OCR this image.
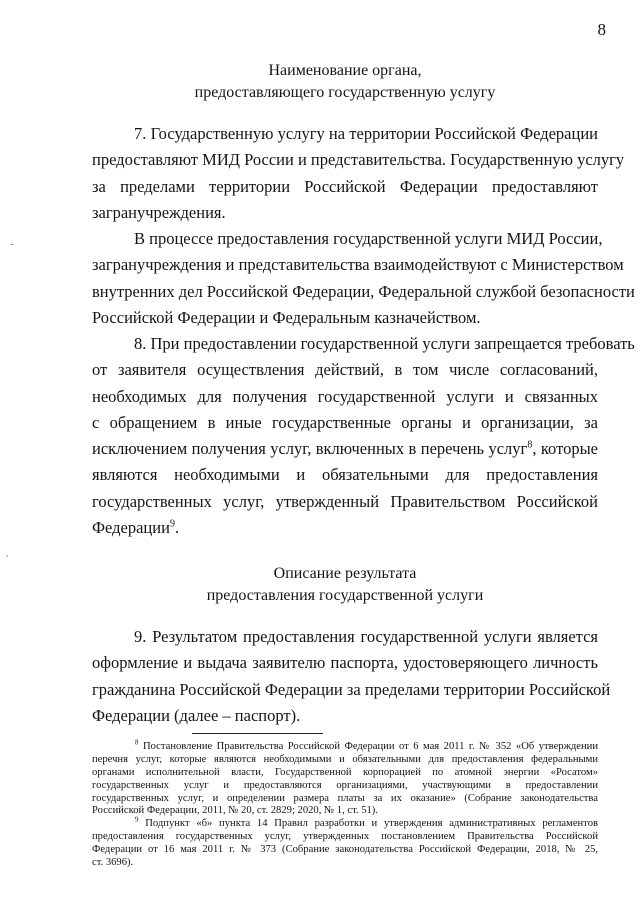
8
Наименование органа,
предоставляющего государственную услугу
7. Государственную услугу на территории Российской Федерации
предоставляют МИД России и представительства. Государственную услугу
за пределами территории Российской Федерации предоставляют
загранучреждения.
В процессе предоставления государственной услуги МИД России,
загранучреждения и представительства взаимодействуют с Министерством
внутренних дел Российской Федерации, Федеральной службой безопасности
Российской Федерации и Федеральным казначейством.
8. При предоставлении государственной услуги запрещается требовать
от заявителя осуществления действий, в том числе согласований,
необходимых для получения государственной услуги и связанных
с обращением в иные государственные органы и организации, за
исключением получения услуг, включенных в перечень услуг$^8$, которые
являются необходимыми и обязательными для предоставления
государственных услуг, утвержденный Правительством Российской
Федерации$^9$.
Описание результата
предоставления государственной услуги
9. Результатом предоставления государственной услуги является
оформление и выдача заявителю паспорта, удостоверяющего личность
гражданина Российской Федерации за пределами территории Российской
Федерации (далее – паспорт).
$^8$ Постановление Правительства Российской Федерации от 6 мая 2011 г. № 352 «Об утверждении
перечня услуг, которые являются необходимыми и обязательными для предоставления федеральными
органами исполнительной власти, Государственной корпорацией по атомной энергии «Росатом»
государственных услуг и предоставляются организациями, участвующими в предоставлении
государственных услуг, и определении размера платы за их оказание» (Собрание законодательства
Российской Федерации, 2011, № 20, ст. 2829; 2020, № 1, ст. 51).
$^9$ Подпункт «б» пункта 14 Правил разработки и утверждения административных регламентов
предоставления государственных услуг, утвержденных постановлением Правительства Российской
Федерации от 16 мая 2011 г. № 373 (Собрание законодательства Российской Федерации, 2018, № 25,
ст. 3696).
-
'
